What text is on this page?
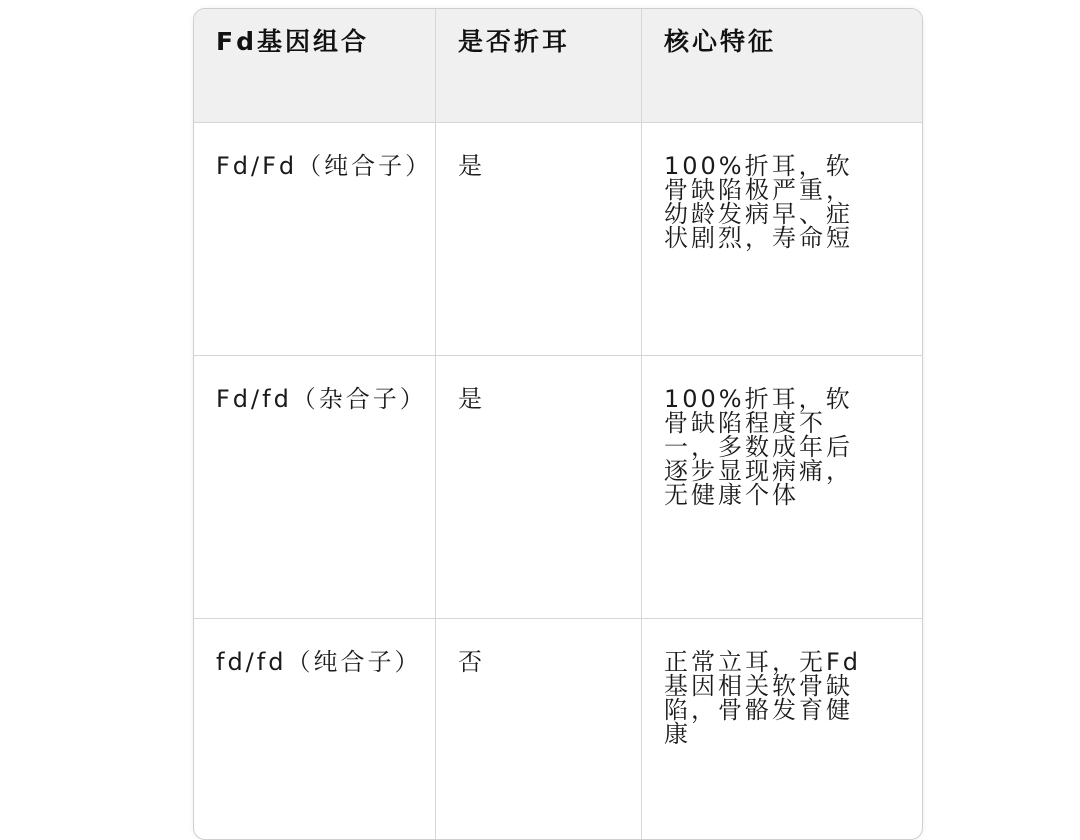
Fd基因组合	是否折耳	核心特征
Fd/Fd（纯合子）	是	100%折耳，软骨缺陷极严重，幼龄发病早、症状剧烈，寿命短
Fd/fd（杂合子）	是	100%折耳，软骨缺陷程度不一，多数成年后逐步显现病痛，无健康个体
fd/fd（纯合子）	否	正常立耳，无Fd基因相关软骨缺陷，骨骼发育健康
